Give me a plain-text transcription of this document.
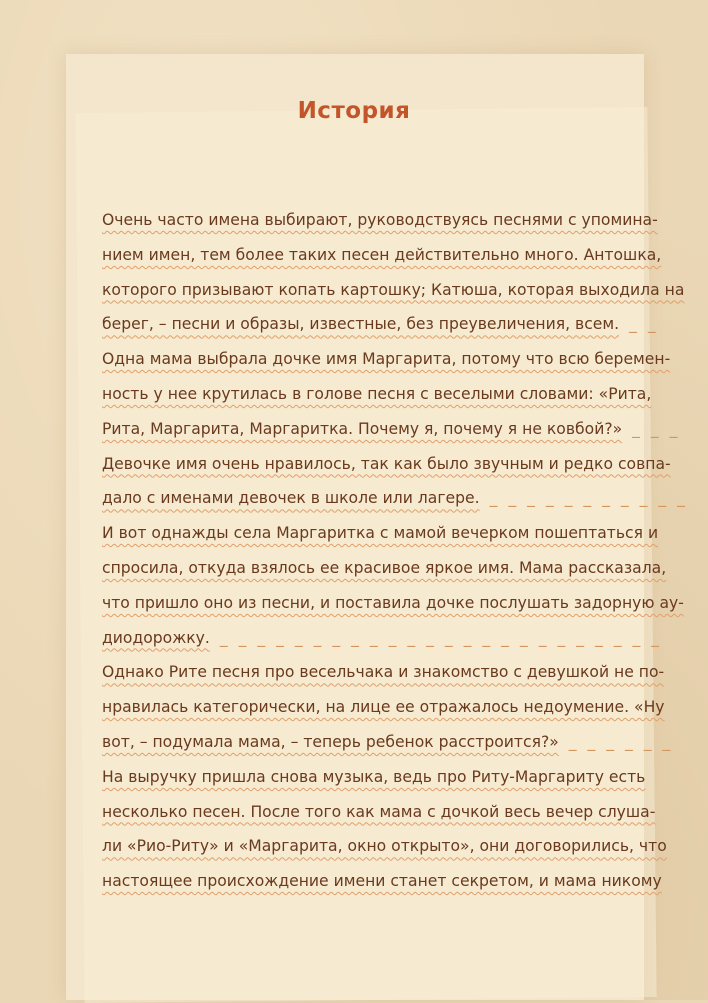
История
Очень часто имена выбирают, руководствуясь песнями с упомина-
нием имен, тем более таких песен действительно много. Антошка,
которого призывают копать картошку; Катюша, которая выходила на
берег, – песни и образы, известные, без преувеличения, всем. _ _
Одна мама выбрала дочке имя Маргарита, потому что всю беремен-
ность у нее крутилась в голове песня с веселыми словами: «Рита,
Рита, Маргарита, Маргаритка. Почему я, почему я не ковбой?» _ _ _
Девочке имя очень нравилось, так как было звучным и редко совпа-
дало с именами девочек в школе или лагере. _ _ _ _ _ _ _ _ _ _ _
И вот однажды села Маргаритка с мамой вечерком пошептаться и
спросила, откуда взялось ее красивое яркое имя. Мама рассказала,
что пришло оно из песни, и поставила дочке послушать задорную ау-
диодорожку. _ _ _ _ _ _ _ _ _ _ _ _ _ _ _ _ _ _ _ _ _ _ _ _
Однако Рите песня про весельчака и знакомство с девушкой не по-
нравилась категорически, на лице ее отражалось недоумение. «Ну
вот, – подумала мама, – теперь ребенок расстроится?» _ _ _ _ _ _
На выручку пришла снова музыка, ведь про Риту-Маргариту есть
несколько песен. После того как мама с дочкой весь вечер слуша-
ли «Рио-Риту» и «Маргарита, окно открыто», они договорились, что
настоящее происхождение имени станет секретом, и мама никому
